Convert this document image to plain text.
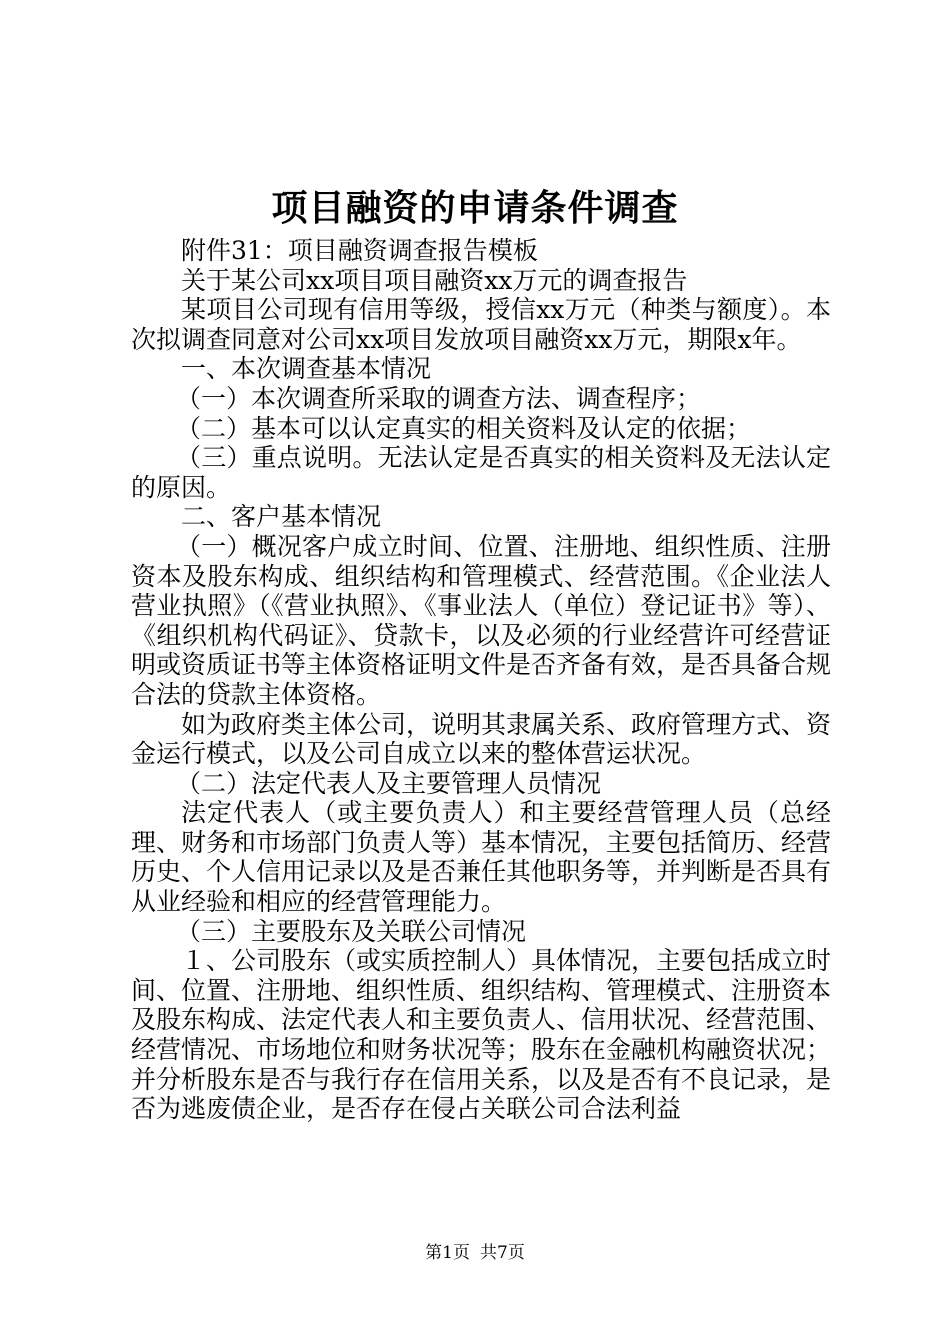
项目融资的申请条件调查

附件31：项目融资调查报告模板

关于某公司xx项目项目融资xx万元的调查报告

某项目公司现有信用等级，授信xx万元（种类与额度）。本次拟调查同意对公司xx项目发放项目融资xx万元，期限x年。

一、本次调查基本情况

（一）本次调查所采取的调查方法、调查程序；

（二）基本可以认定真实的相关资料及认定的依据；

（三）重点说明。无法认定是否真实的相关资料及无法认定的原因。

二、客户基本情况

（一）概况客户成立时间、位置、注册地、组织性质、注册资本及股东构成、组织结构和管理模式、经营范围。《企业法人营业执照》（《营业执照》、《事业法人（单位）登记证书》等）、《组织机构代码证》、贷款卡，以及必须的行业经营许可经营证明或资质证书等主体资格证明文件是否齐备有效，是否具备合规合法的贷款主体资格。

如为政府类主体公司，说明其隶属关系、政府管理方式、资金运行模式，以及公司自成立以来的整体营运状况。

（二）法定代表人及主要管理人员情况

法定代表人（或主要负责人）和主要经营管理人员（总经理、财务和市场部门负责人等）基本情况，主要包括简历、经营历史、个人信用记录以及是否兼任其他职务等，并判断是否具有从业经验和相应的经营管理能力。

（三）主要股东及关联公司情况

１、公司股东（或实质控制人）具体情况，主要包括成立时间、位置、注册地、组织性质、组织结构、管理模式、注册资本及股东构成、法定代表人和主要负责人、信用状况、经营范围、经营情况、市场地位和财务状况等；股东在金融机构融资状况；并分析股东是否与我行存在信用关系，以及是否有不良记录，是否为逃废债企业，是否存在侵占关联公司合法利益

第1页 共7页
